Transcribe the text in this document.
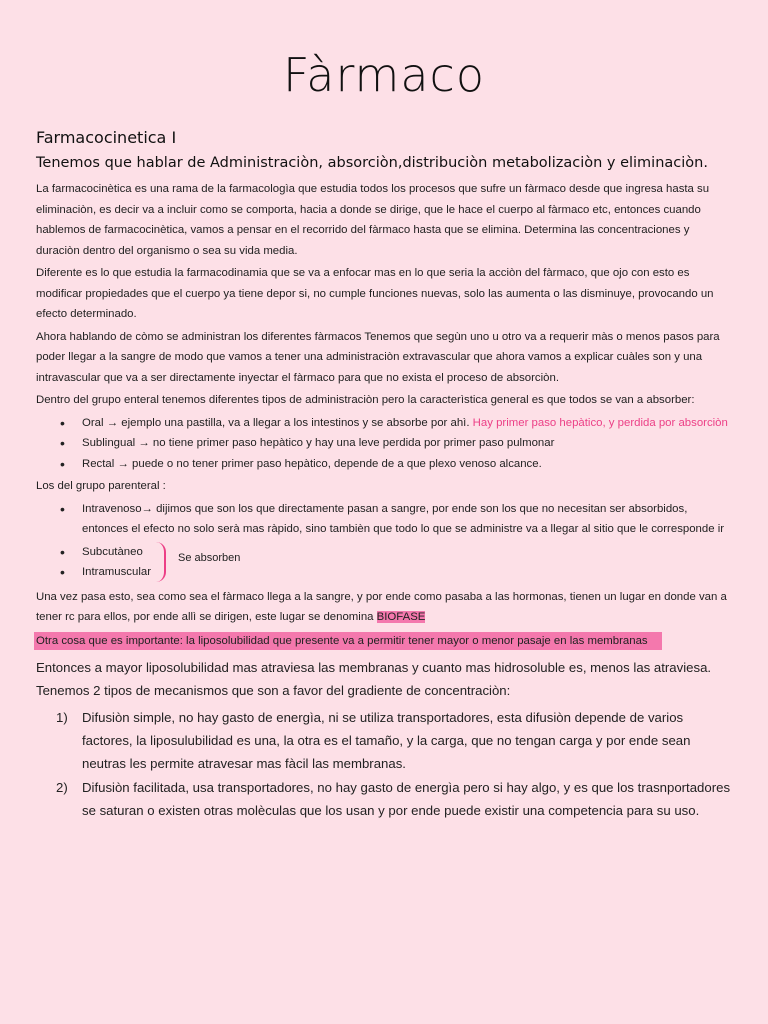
Fàrmaco
Farmacocinetica I
Tenemos que hablar de Administraciòn, absorciòn,distribuciòn metabolizaciòn y eliminaciòn.

La farmacocinètica es una rama de la farmacologìa que estudia todos los procesos que sufre un fàrmaco desde que ingresa hasta su eliminaciòn, es decir va a incluir como se comporta, hacia a donde se dirige, que le hace el cuerpo al fàrmaco etc, entonces cuando hablemos de farmacocinètica, vamos a pensar en el recorrido del fàrmaco hasta que se elimina. Determina las concentraciones y duraciòn dentro del organismo o sea su vida media.

Diferente es lo que estudia la farmacodinamia que se va a enfocar mas en lo que seria la acciòn del fàrmaco, que ojo con esto es modificar propiedades que el cuerpo ya tiene depor si, no cumple funciones nuevas, solo las aumenta o las disminuye, provocando un efecto determinado.

Ahora hablando de còmo se administran los diferentes fàrmacos Tenemos que segùn uno u otro va a requerir màs o menos pasos para poder llegar a la sangre de modo que vamos a tener una administraciòn extravascular que ahora vamos a explicar cuàles son y una intravascular que va a ser directamente inyectar el fàrmaco para que no exista el proceso de absorciòn.

Dentro del grupo enteral tenemos diferentes tipos de administraciòn pero la caracterìstica general es que todos se van a absorber:

• Oral → ejemplo una pastilla, va a llegar a los intestinos y se absorbe por ahì. Hay primer paso hepàtico, y perdida por absorciòn
• Sublingual → no tiene primer paso hepàtico y hay una leve perdida por primer paso pulmonar
• Rectal → puede o no tener primer paso hepàtico, depende de a que plexo venoso alcance.

Los del grupo parenteral :

• Intravenoso→ dijimos que son los que directamente pasan a sangre, por ende son los que no necesitan ser absorbidos, entonces el efecto no solo serà mas ràpido, sino tambièn que todo lo que se administre va a llegar al sitio que le corresponde ir
• Subcutàneo
• Intramuscular
Se absorben

Una vez pasa esto, sea como sea el fàrmaco llega a la sangre, y por ende como pasaba a las hormonas, tienen un lugar en donde van a tener rc para ellos, por ende allì se dirigen, este lugar se denomina BIOFASE

Otra cosa que es importante: la liposolubilidad que presente va a permitir tener mayor o menor pasaje en las membranas

Entonces a mayor liposolubilidad mas atraviesa las membranas y cuanto mas hidrosoluble es, menos las atraviesa.

Tenemos 2 tipos de mecanismos que son a favor del gradiente de concentraciòn:

1) Difusiòn simple, no hay gasto de energìa, ni se utiliza transportadores, esta difusiòn depende de varios factores, la liposulubilidad es una, la otra es el tamaño, y la carga, que no tengan carga y por ende sean neutras les permite atravesar mas fàcil las membranas.
2) Difusiòn facilitada, usa transportadores, no hay gasto de energìa pero si hay algo, y es que los trasnportadores se saturan o existen otras molèculas que los usan y por ende puede existir una competencia para su uso.
